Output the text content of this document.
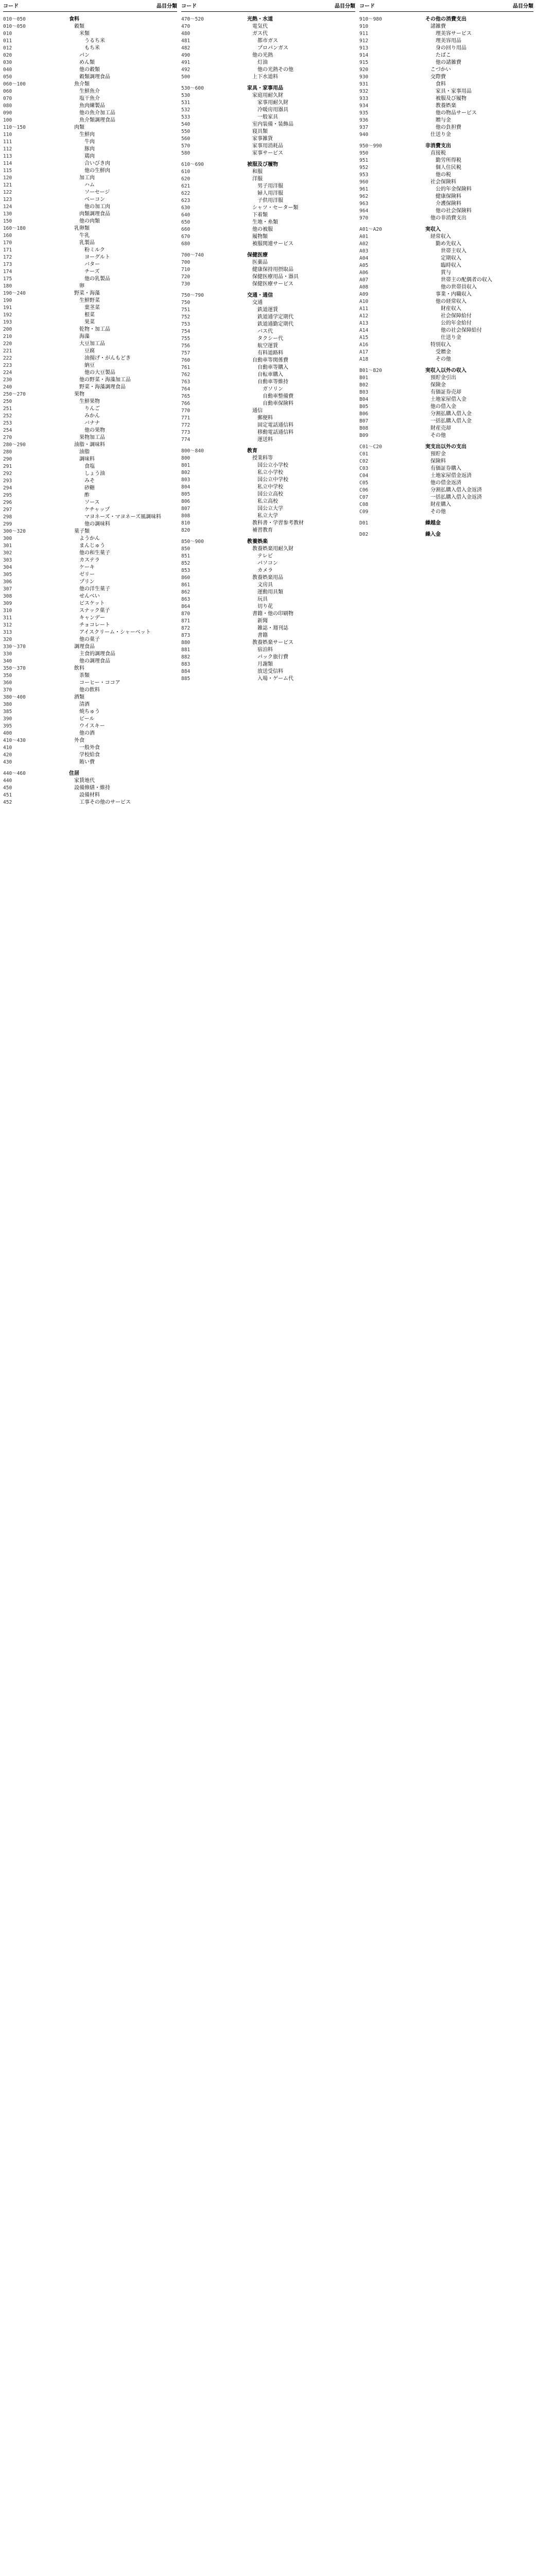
コード	品目分類
010～050	食料
010～050	穀類
010	米類
011	うるち米
012	もち米
020	パン
030	めん類
040	他の穀類
050	穀類調理食品
060～100	魚介類
060	生鮮魚介
070	塩干魚介
080	魚肉練製品
090	他の魚介加工品
100	魚介類調理食品
110～150	肉類
110	生鮮肉
111	牛肉
112	豚肉
113	鶏肉
114	合いびき肉
115	他の生鮮肉
120	加工肉
121	ハム
122	ソーセージ
123	ベーコン
124	他の加工肉
130	肉類調理食品
150	他の肉類
160～180	乳卵類
160	牛乳
170	乳製品
171	粉ミルク
172	ヨーグルト
173	バター
174	チーズ
175	他の乳製品
180	卵
190～240	野菜・海藻
190	生鮮野菜
191	葉茎菜
192	根菜
193	果菜
200	乾物・加工品
210	海藻
220	大豆加工品
221	豆腐
222	油揚げ・がんもどき
223	納豆
224	他の大豆製品
230	他の野菜・海藻加工品
240	野菜・海藻調理食品
250～270	果物
250	生鮮果物
251	りんご
252	みかん
253	バナナ
254	他の果物
270	果物加工品
280～290	油脂・調味料
280	油脂
290	調味料
291	食塩
292	しょう油
293	みそ
294	砂糖
295	酢
296	ソース
297	ケチャップ
298	マヨネーズ・マヨネーズ風調味料
299	他の調味料
300～320	菓子類
300	ようかん
301	まんじゅう
302	他の和生菓子
303	カステラ
304	ケーキ
305	ゼリー
306	プリン
307	他の洋生菓子
308	せんべい
309	ビスケット
310	スナック菓子
311	キャンデー
312	チョコレート
313	アイスクリーム・シャーベット
320	他の菓子
330～370	調理食品
330	主食的調理食品
340	他の調理食品
350～370	飲料
350	茶類
360	コーヒー・ココア
370	他の飲料
380～400	酒類
380	清酒
385	焼ちゅう
390	ビール
395	ウイスキー
400	他の酒
410～430	外食
410	一般外食
420	学校給食
430	賄い費
440～460	住居
440	家賃地代
450	設備修繕・維持
451	設備材料
452	工事その他のサービス
コード	品目分類
470～520	光熱・水道
470	電気代
480	ガス代
481	都市ガス
482	プロパンガス
490	他の光熱
491	灯油
492	他の光熱その他
500	上下水道料
530～600	家具・家事用品
530	家庭用耐久財
531	家事用耐久財
532	冷暖房用器具
533	一般家具
540	室内装備・装飾品
550	寝具類
560	家事雑貨
570	家事用消耗品
580	家事サービス
610～690	被服及び履物
610	和服
620	洋服
621	男子用洋服
622	婦人用洋服
623	子供用洋服
630	シャツ・セーター類
640	下着類
650	生地・糸類
660	他の被服
670	履物類
680	被服関連サービス
700～740	保健医療
700	医薬品
710	健康保持用摂取品
720	保健医療用品・器具
730	保健医療サービス
750～790	交通・通信
750	交通
751	鉄道運賃
752	鉄道通学定期代
753	鉄道通勤定期代
754	バス代
755	タクシー代
756	航空運賃
757	有料道路料
760	自動車等関係費
761	自動車等購入
762	自転車購入
763	自動車等維持
764	ガソリン
765	自動車整備費
766	自動車保険料
770	通信
771	郵便料
772	固定電話通信料
773	移動電話通信料
774	運送料
800～840	教育
800	授業料等
801	国公立小学校
802	私立小学校
803	国公立中学校
804	私立中学校
805	国公立高校
806	私立高校
807	国公立大学
808	私立大学
810	教科書・学習参考教材
820	補習教育
850～900	教養娯楽
850	教養娯楽用耐久財
851	テレビ
852	パソコン
853	カメラ
860	教養娯楽用品
861	文房具
862	運動用具類
863	玩具
864	切り花
870	書籍・他の印刷物
871	新聞
872	雑誌・週刊誌
873	書籍
880	教養娯楽サービス
881	宿泊料
882	パック旅行費
883	月謝類
884	放送受信料
885	入場・ゲーム代
コード	品目分類
910～980	その他の消費支出
910	諸雑費
911	理美容サービス
912	理美容用品
913	身の回り用品
914	たばこ
915	他の諸雑費
920	こづかい
930	交際費
931	食料
932	家具・家事用品
933	被服及び履物
934	教養娯楽
935	他の物品サービス
936	贈与金
937	他の負担費
940	仕送り金
950～990	非消費支出
950	直接税
951	勤労所得税
952	個人住民税
953	他の税
960	社会保険料
961	公的年金保険料
962	健康保険料
963	介護保険料
964	他の社会保険料
970	他の非消費支出
A01～A20	実収入
A01	経常収入
A02	勤め先収入
A03	世帯主収入
A04	定期収入
A05	臨時収入
A06	賞与
A07	世帯主の配偶者の収入
A08	他の世帯員収入
A09	事業・内職収入
A10	他の経常収入
A11	財産収入
A12	社会保障給付
A13	公的年金給付
A14	他の社会保障給付
A15	仕送り金
A16	特別収入
A17	受贈金
A18	その他
B01～B20	実収入以外の収入
B01	預貯金引出
B02	保険金
B03	有価証券売却
B04	土地家屋借入金
B05	他の借入金
B06	分割払購入借入金
B07	一括払購入借入金
B08	財産売却
B09	その他
C01～C20	実支出以外の支出
C01	預貯金
C02	保険料
C03	有価証券購入
C04	土地家屋借金返済
C05	他の借金返済
C06	分割払購入借入金返済
C07	一括払購入借入金返済
C08	財産購入
C09	その他
D01	繰越金
D02	繰入金
